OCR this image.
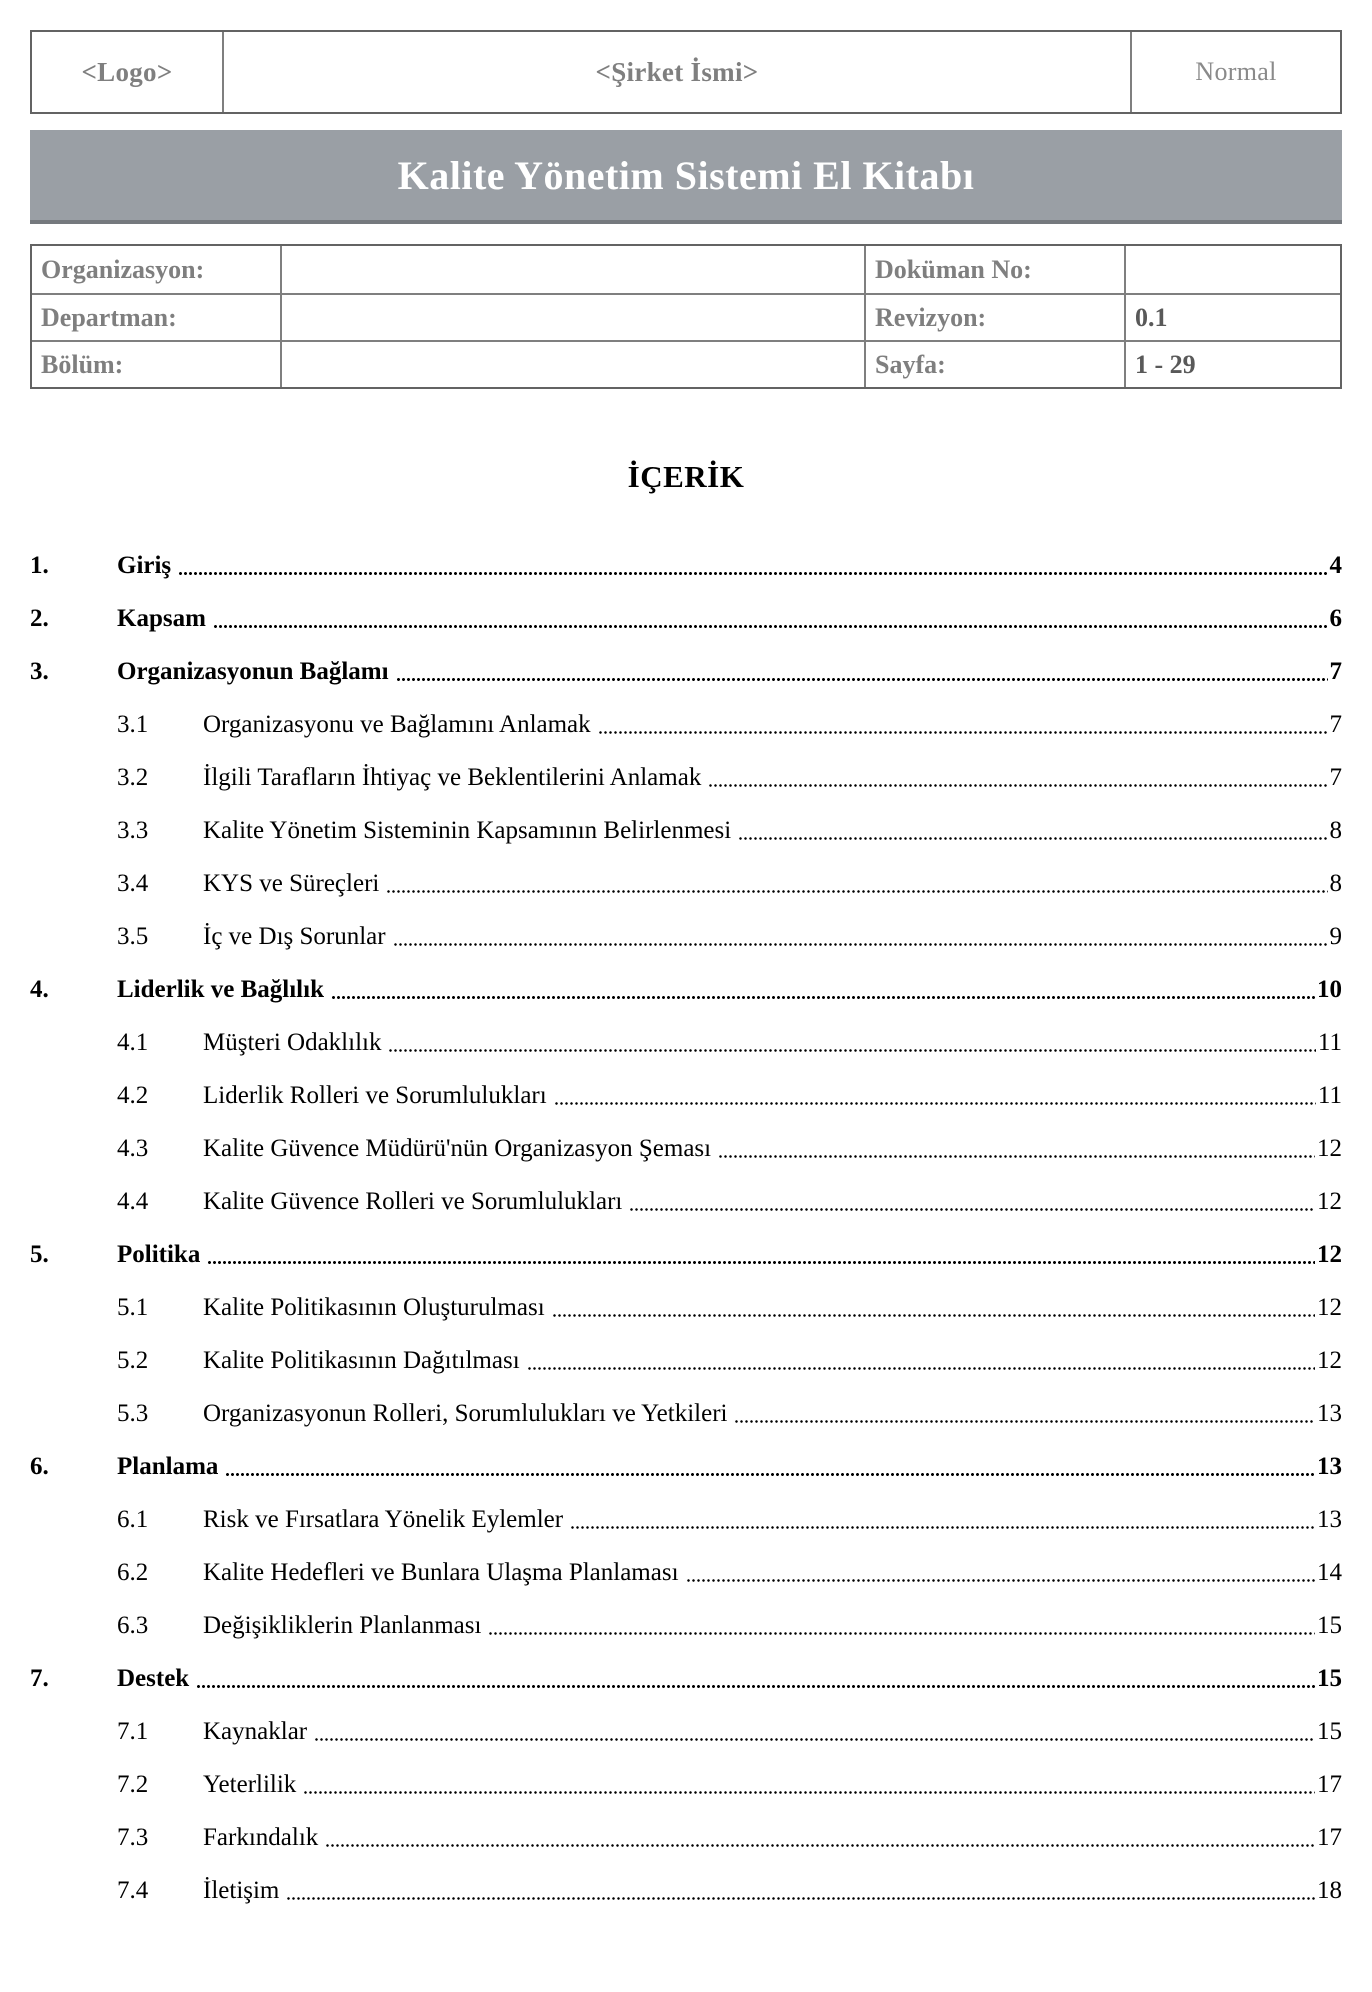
<Logo>	<Şirket İsmi>	Normal
Kalite Yönetim Sistemi El Kitabı
Organizasyon:	Doküman No:
Departman:	Revizyon:	0.1
Bölüm:	Sayfa:	1 - 29
İÇERİK
1.	Giriş	4
2.	Kapsam	6
3.	Organizasyonun Bağlamı	7
3.1	Organizasyonu ve Bağlamını Anlamak	7
3.2	İlgili Tarafların İhtiyaç ve Beklentilerini Anlamak	7
3.3	Kalite Yönetim Sisteminin Kapsamının Belirlenmesi	8
3.4	KYS ve Süreçleri	8
3.5	İç ve Dış Sorunlar	9
4.	Liderlik ve Bağlılık	10
4.1	Müşteri Odaklılık	11
4.2	Liderlik Rolleri ve Sorumlulukları	11
4.3	Kalite Güvence Müdürü'nün Organizasyon Şeması	12
4.4	Kalite Güvence Rolleri ve Sorumlulukları	12
5.	Politika	12
5.1	Kalite Politikasının Oluşturulması	12
5.2	Kalite Politikasının Dağıtılması	12
5.3	Organizasyonun Rolleri, Sorumlulukları ve Yetkileri	13
6.	Planlama	13
6.1	Risk ve Fırsatlara Yönelik Eylemler	13
6.2	Kalite Hedefleri ve Bunlara Ulaşma Planlaması	14
6.3	Değişikliklerin Planlanması	15
7.	Destek	15
7.1	Kaynaklar	15
7.2	Yeterlilik	17
7.3	Farkındalık	17
7.4	İletişim	18
